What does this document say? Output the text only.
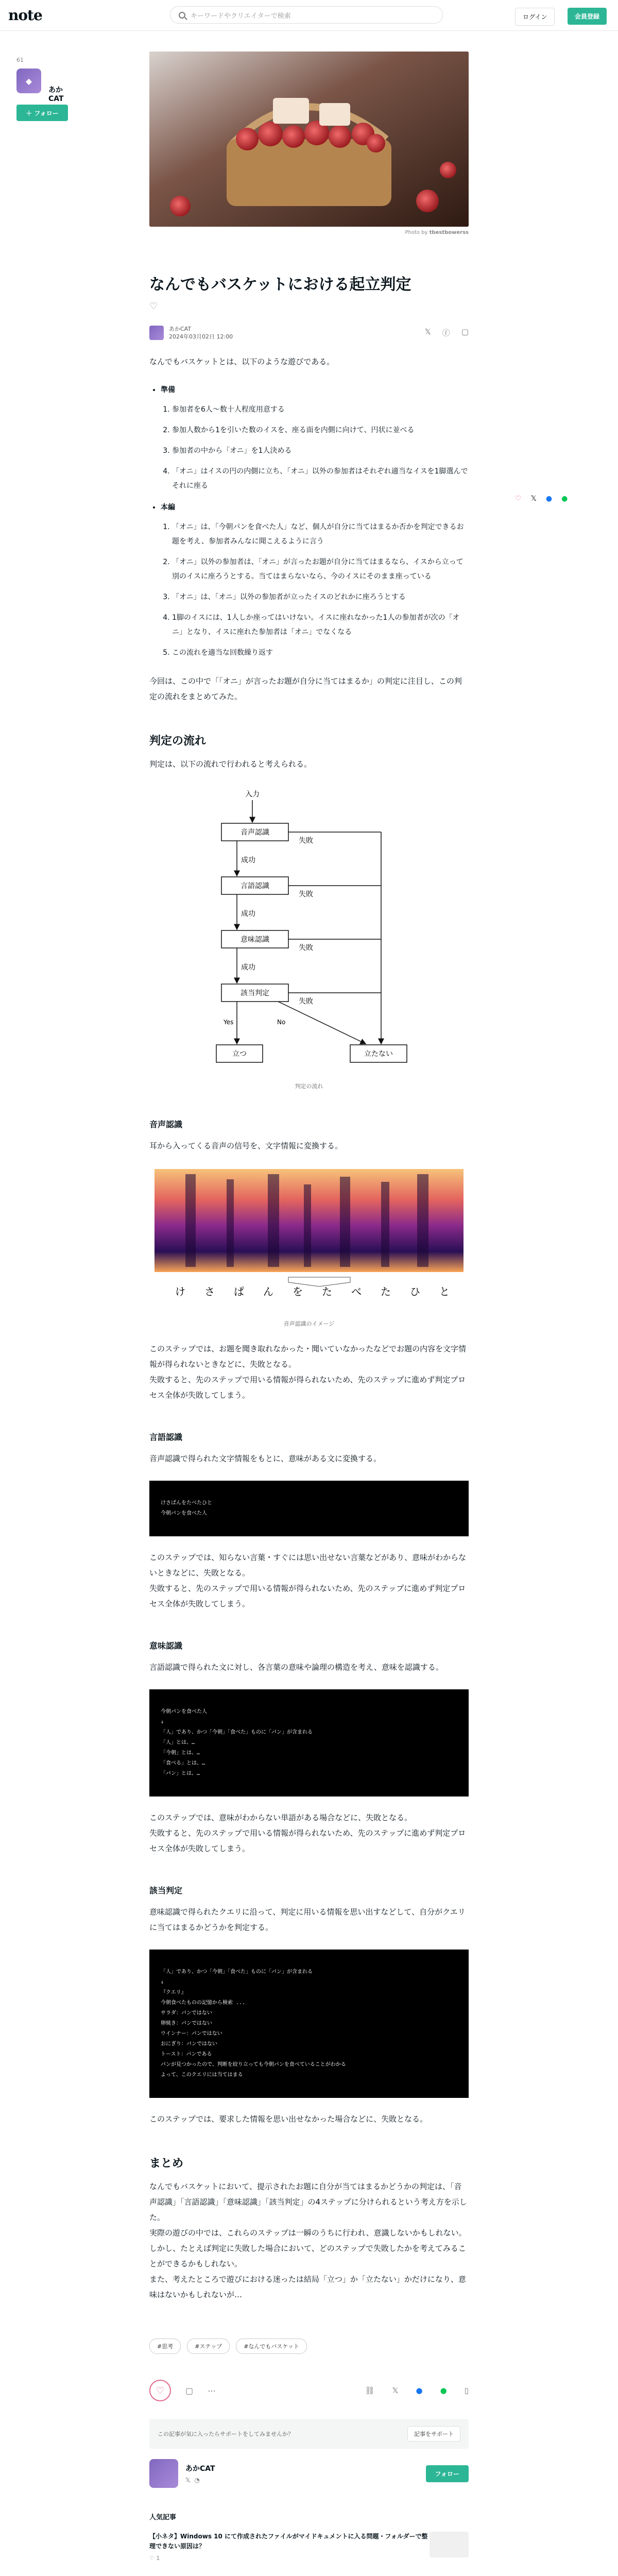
note	キーワードやクリエイターで検索	ログイン	会員登録
61
◆
あかCAT
＋
フォロー
♡ 𝕏 ● ●
Photo by tbestbowerss
なんでもバスケットにおける起立判定
♡
あかCAT
2024年03月02日 12:00	𝕏 ⓕ ▢

なんでもバスケットとは、以下のような遊びである。

• 準備
1. 参加者を6人〜数十人程度用意する
2. 参加人数から1を引いた数のイスを、座る面を内側に向けて、円状に並べる
3. 参加者の中から「オニ」を1人決める
4. 「オニ」はイスの円の内側に立ち、「オニ」以外の参加者はそれぞれ適当なイスを1脚選んでそれに座る
• 本編
1. 「オニ」は、「今朝パンを食べた人」など、個人が自分に当てはまるか否かを判定できるお題を考え、参加者みんなに聞こえるように言う
2. 「オニ」以外の参加者は、「オニ」が言ったお題が自分に当てはまるなら、イスから立って別のイスに座ろうとする。当てはまらないなら、今のイスにそのまま座っている
3. 「オニ」は、「オニ」以外の参加者が立ったイスのどれかに座ろうとする
4. 1脚のイスには、1人しか座ってはいけない。イスに座れなかった1人の参加者が次の「オニ」となり、イスに座れた参加者は「オニ」でなくなる
5. この流れを適当な回数繰り返す

今回は、この中で「「オニ」が言ったお題が自分に当てはまるか」の判定に注目し、この判定の流れをまとめてみた。

判定の流れ

判定は、以下の流れで行われると考えられる。

入力
音声認識
成功
言語認識
成功
意味認識
成功
該当判定
失敗
失敗
失敗
失敗
Yes	No
立つ	立たない
判定の流れ
音声認識

耳から入ってくる音声の信号を、文字情報に変換する。

け さ ぱ ん を た べ た ひ と
音声認識のイメージ

このステップでは、お題を聞き取れなかった・聞いていなかったなどでお題の内容を文字情報が得られないときなどに、失敗となる。

失敗すると、先のステップで用いる情報が得られないため、先のステップに進めず判定プロセス全体が失敗してしまう。

言語認識

音声認識で得られた文字情報をもとに、意味がある文に変換する。

けさぱんをたべたひと
今朝パンを食べた人

このステップでは、知らない言葉・すぐには思い出せない言葉などがあり、意味がわからないときなどに、失敗となる。

失敗すると、先のステップで用いる情報が得られないため、先のステップに進めず判定プロセス全体が失敗してしまう。

意味認識

言語認識で得られた文に対し、各言葉の意味や論理の構造を考え、意味を認識する。

今朝パンを食べた人
↓
「人」であり、かつ「今朝」「食べた」ものに「パン」が含まれる
「人」とは、…
「今朝」とは、…
「食べる」とは、…
「パン」とは、…

このステップでは、意味がわからない単語がある場合などに、失敗となる。

失敗すると、先のステップで用いる情報が得られないため、先のステップに進めず判定プロセス全体が失敗してしまう。

該当判定

意味認識で得られたクエリに沿って、判定に用いる情報を思い出すなどして、自分がクエリに当てはまるかどうかを判定する。

「人」であり、かつ「今朝」「食べた」ものに「パン」が含まれる
↓
『クエリ』
今朝食べたものの記憶から検索 ...
サラダ：パンではない
卵焼き：パンではない
ウインナー：パンではない
おにぎり：パンではない
トースト：パンである
パンが見つかったので、判断を絞り立っても今朝パンを食べていることがわかる
よって、このクエリには当てはまる

このステップでは、要求した情報を思い出せなかった場合などに、失敗となる。

まとめ

なんでもバスケットにおいて、提示されたお題に自分が当てはまるかどうかの判定は、「音声認識」「言語認識」「意味認識」「該当判定」の4ステップに分けられるという考え方を示した。

実際の遊びの中では、これらのステップは一瞬のうちに行われ、意識しないかもしれない。

しかし、たとえば判定に失敗した場合において、どのステップで失敗したかを考えてみることができるかもしれない。

また、考えたところで遊びにおける迷ったは結局「立つ」か「立たない」かだけになり、意味はないかもしれないが…

#思考	#ステップ	#なんでもバスケット
♡	▢ ⋯	⛓ 𝕏 ● ● ▯
この記事が気に入ったらサポートをしてみませんか？	記事をサポート
あかCAT
𝕏 ◔
フォロー
人気記事
【小ネタ】Windows 10 にて作成されたファイルがマイドキュメントに入る問題・フォルダーで整理できない原因は？
♡ 1
